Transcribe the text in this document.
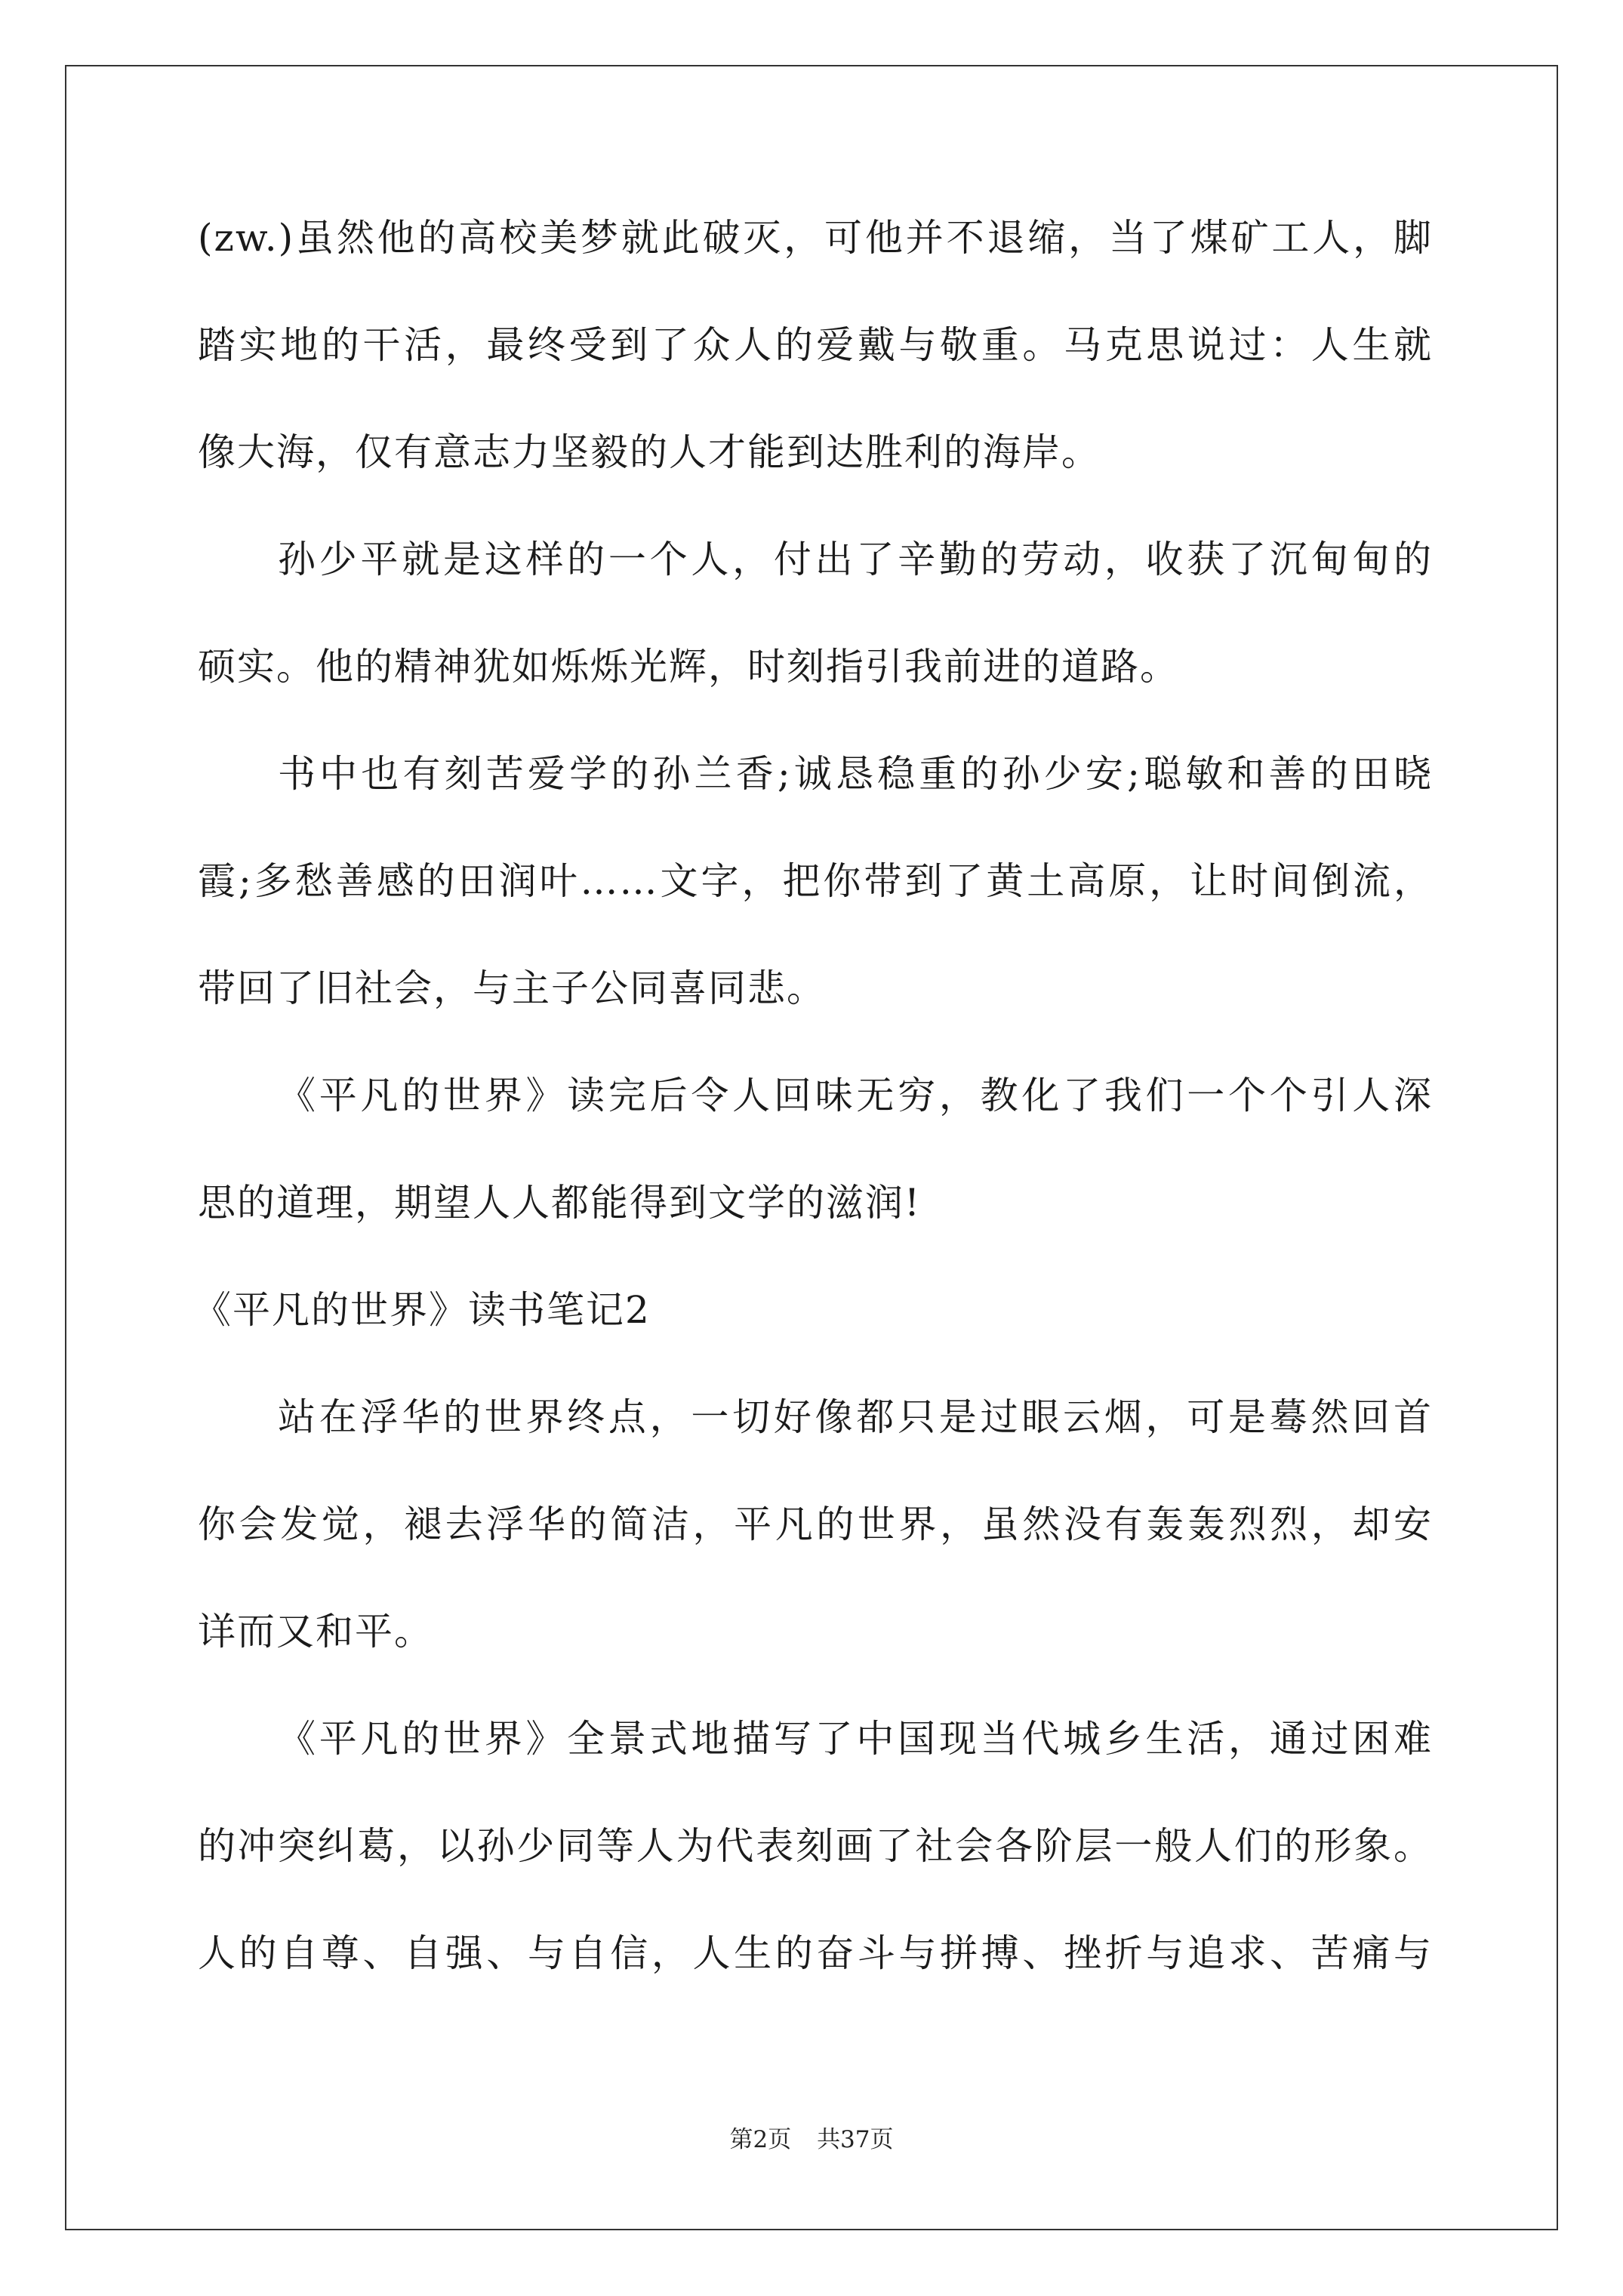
(zw.)虽然他的高校美梦就此破灭，可他并不退缩，当了煤矿工人，脚
踏实地的干活，最终受到了众人的爱戴与敬重。马克思说过：人生就
像大海，仅有意志力坚毅的人才能到达胜利的海岸。
孙少平就是这样的一个人，付出了辛勤的劳动，收获了沉甸甸的
硕实。他的精神犹如烁烁光辉，时刻指引我前进的道路。
书中也有刻苦爱学的孙兰香;诚恳稳重的孙少安;聪敏和善的田晓
霞;多愁善感的田润叶……文字，把你带到了黄土高原，让时间倒流，
带回了旧社会，与主子公同喜同悲。
《平凡的世界》读完后令人回味无穷，教化了我们一个个引人深
思的道理，期望人人都能得到文学的滋润!
《平凡的世界》读书笔记2
站在浮华的世界终点，一切好像都只是过眼云烟，可是蓦然回首
你会发觉，褪去浮华的简洁，平凡的世界，虽然没有轰轰烈烈，却安
详而又和平。
《平凡的世界》全景式地描写了中国现当代城乡生活，通过困难
的冲突纠葛，以孙少同等人为代表刻画了社会各阶层一般人们的形象。
人的自尊、自强、与自信，人生的奋斗与拼搏、挫折与追求、苦痛与
第2页 共37页
